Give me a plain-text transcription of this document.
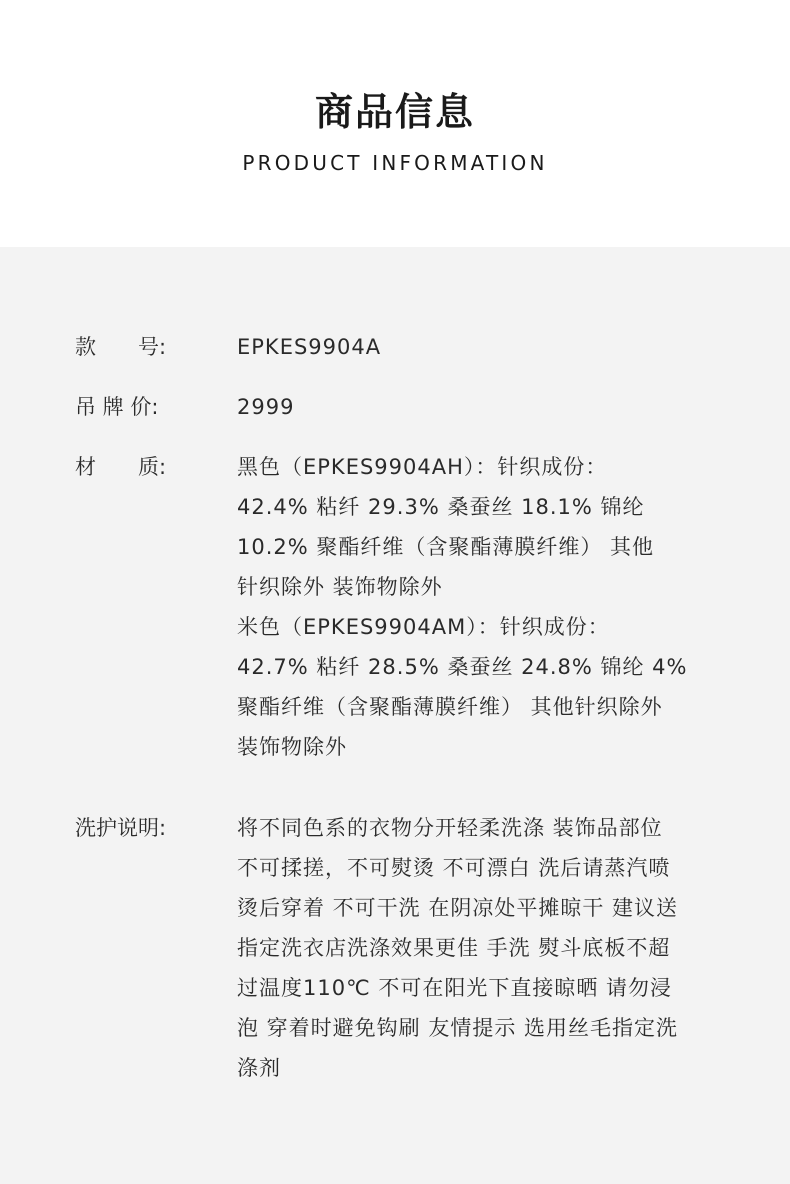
商品信息
PRODUCT INFORMATION
款　　号:	EPKES9904A
吊 牌 价:	2999
材　　质:	黑色（EPKES9904AH）：针织成份：
42.4% 粘纤 29.3% 桑蚕丝 18.1% 锦纶
10.2% 聚酯纤维（含聚酯薄膜纤维） 其他
针织除外 装饰物除外
米色（EPKES9904AM）：针织成份：
42.7% 粘纤 28.5% 桑蚕丝 24.8% 锦纶 4%
聚酯纤维（含聚酯薄膜纤维） 其他针织除外
装饰物除外
洗护说明:	将不同色系的衣物分开轻柔洗涤 装饰品部位
不可揉搓，不可熨烫 不可漂白 洗后请蒸汽喷
烫后穿着 不可干洗 在阴凉处平摊晾干 建议送
指定洗衣店洗涤效果更佳 手洗 熨斗底板不超
过温度110℃ 不可在阳光下直接晾晒 请勿浸
泡 穿着时避免钩刷 友情提示 选用丝毛指定洗
涤剂
